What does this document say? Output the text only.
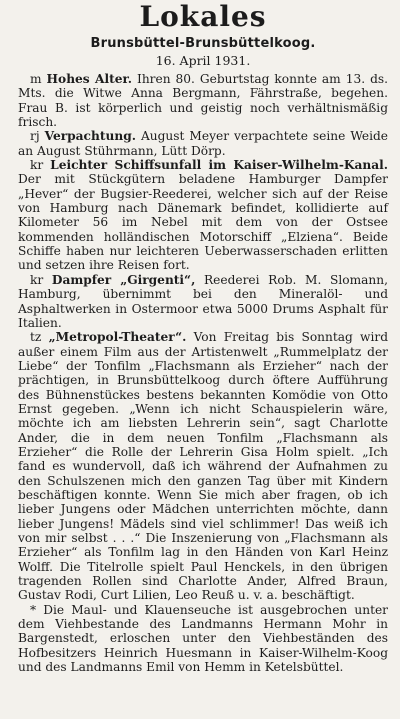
Lokales
Brunsbüttel-Brunsbüttelkoog.
16. April 1931.

m Hohes Alter. Ihren 80. Geburtstag konnte am 13. ds. Mts. die Witwe Anna Bergmann, Fährstraße, begehen. Frau B. ist körperlich und geistig noch verhältnismäßig frisch.

rj Verpachtung. August Meyer verpachtete seine Weide an August Stührmann, Lütt Dörp.

kr Leichter Schiffsunfall im Kaiser-Wilhelm-Kanal. Der mit Stückgütern beladene Hamburger Dampfer „Hever“ der Bugsier-Reederei, welcher sich auf der Reise von Hamburg nach Dänemark befindet, kollidierte auf Kilometer 56 im Nebel mit dem von der Ostsee kommenden holländischen Motorschiff „Elziena“. Beide Schiffe haben nur leichteren Ueberwasserschaden erlitten und setzen ihre Reisen fort.

kr Dampfer „Girgenti“, Reederei Rob. M. Slomann, Hamburg, übernimmt bei den Mineralöl- und Asphaltwerken in Ostermoor etwa 5000 Drums Asphalt für Italien.

tz „Metropol-Theater“. Von Freitag bis Sonntag wird außer einem Film aus der Artistenwelt „Rummelplatz der Liebe“ der Tonfilm „Flachsmann als Erzieher“ nach der prächtigen, in Brunsbüttelkoog durch öftere Aufführung des Bühnenstückes bestens bekannten Komödie von Otto Ernst gegeben. „Wenn ich nicht Schauspielerin wäre, möchte ich am liebsten Lehrerin sein“, sagt Charlotte Ander, die in dem neuen Tonfilm „Flachsmann als Erzieher“ die Rolle der Lehrerin Gisa Holm spielt. „Ich fand es wundervoll, daß ich während der Aufnahmen zu den Schulszenen mich den ganzen Tag über mit Kindern beschäftigen konnte. Wenn Sie mich aber fragen, ob ich lieber Jungens oder Mädchen unterrichten möchte, dann lieber Jungens! Mädels sind viel schlimmer! Das weiß ich von mir selbst . . .“ Die Inszenierung von „Flachsmann als Erzieher“ als Tonfilm lag in den Händen von Karl Heinz Wolff. Die Titelrolle spielt Paul Henckels, in den übrigen tragenden Rollen sind Charlotte Ander, Alfred Braun, Gustav Rodi, Curt Lilien, Leo Reuß u. v. a. beschäftigt.

* Die Maul- und Klauenseuche ist ausgebrochen unter dem Viehbestande des Landmanns Hermann Mohr in Bargenstedt, erloschen unter den Viehbeständen des Hofbesitzers Heinrich Huesmann in Kaiser-Wilhelm-Koog und des Landmanns Emil von Hemm in Ketelsbüttel.
